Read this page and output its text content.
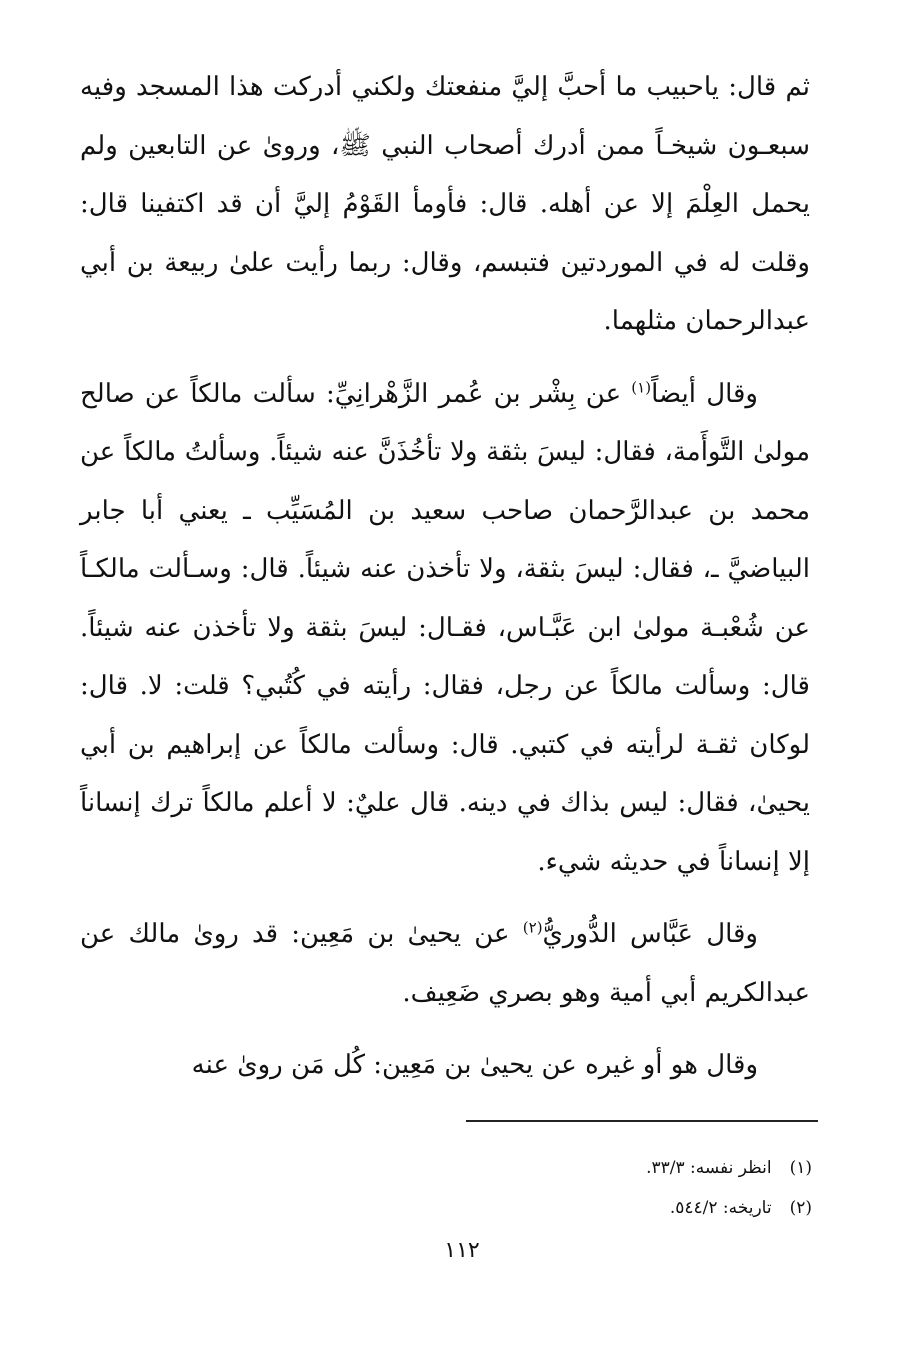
ثم قال: ياحبيب ما أحبَّ إليَّ منفعتك ولكني أدركت هذا المسجد وفيه سبعـون شيخـاً ممن أدرك أصحاب النبي ﷺ، وروىٰ عن التابعين ولم يحمل العِلْمَ إلا عن أهله. قال: فأومأ القَوْمُ إليَّ أن قد اكتفينا قال: وقلت له في الموردتين فتبسم، وقال: ربما رأيت علىٰ ربيعة بن أبي عبدالرحمان مثلهما.

وقال أيضاً$^{(١)}$ عن بِشْر بن عُمر الزَّهْرانِيِّ: سألت مالكاً عن صالح مولىٰ التَّوأَمة، فقال: ليسَ بثقة ولا تأخُذَنَّ عنه شيئاً. وسألتُ مالكاً عن محمد بن عبدالرَّحمان صاحب سعيد بن المُسَيِّب ـ يعني أبا جابر البياضيَّ ـ، فقال: ليسَ بثقة، ولا تأخذن عنه شيئاً. قال: وسـألت مالكـاً عن شُعْبـة مولىٰ ابن عَبَّـاس، فقـال: ليسَ بثقة ولا تأخذن عنه شيئاً. قال: وسألت مالكاً عن رجل، فقال: رأيته في كُتُبي؟ قلت: لا. قال: لوكان ثقـة لرأيته في كتبي. قال: وسألت مالكاً عن إبراهيم بن أبي يحيىٰ، فقال: ليس بذاك في دينه. قال عليٌ: لا أعلم مالكاً ترك إنساناً إلا إنساناً في حديثه شيء.

وقال عَبَّاس الدُّوريُّ$^{(٢)}$ عن يحيىٰ بن مَعِين: قد روىٰ مالك عن عبدالكريم أبي أمية وهو بصري ضَعِيف.

وقال هو أو غيره عن يحيىٰ بن مَعِين: كُل مَن روىٰ عنه

(١)انظر نفسه: ٣٣/٣.
(٢)تاريخه: ٥٤٤/٢.
١١٢
